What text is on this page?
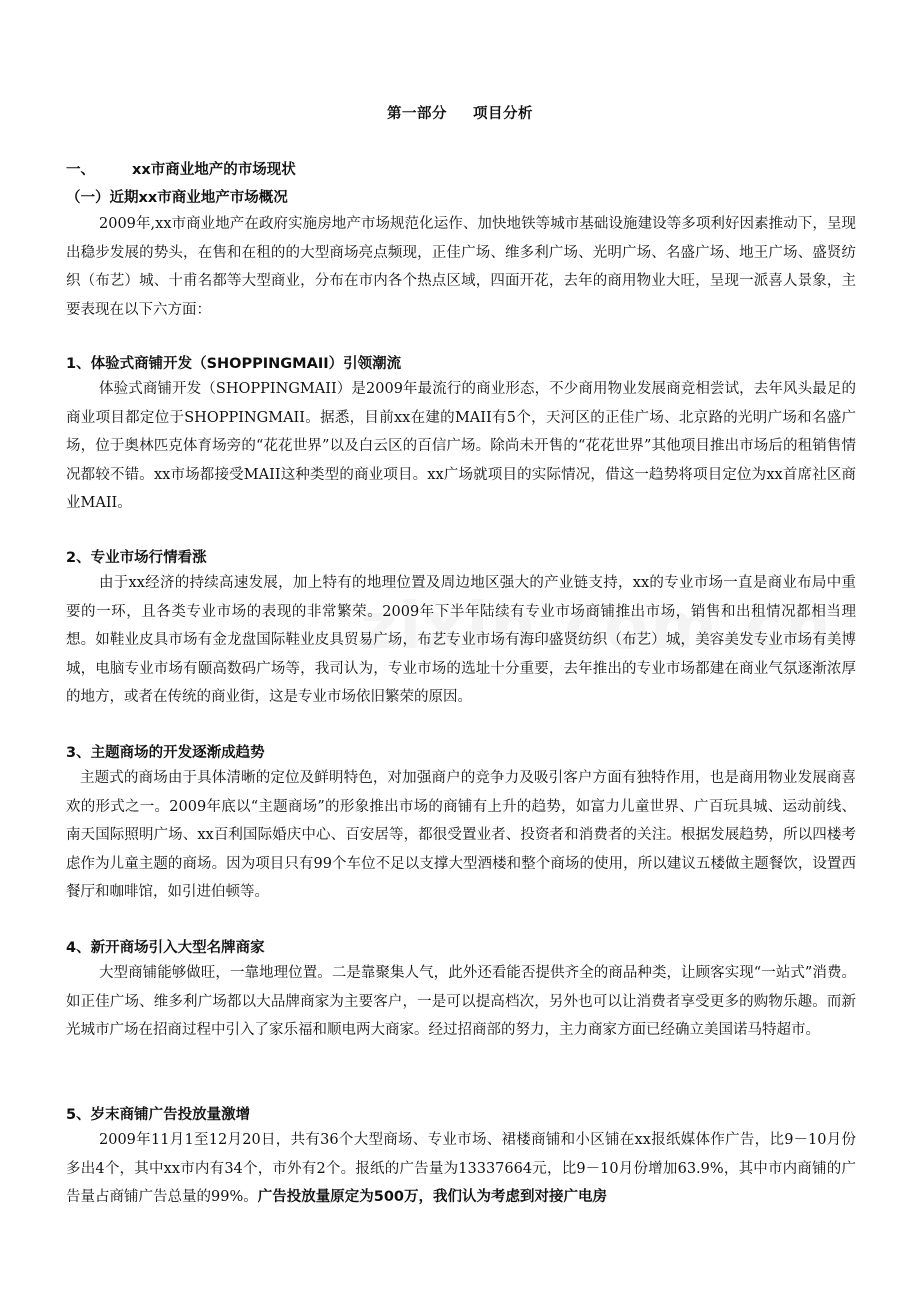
第一部分 项目分析
一、	xx市商业地产的市场现状
（一）近期xx市商业地产市场概况
2009年,xx市商业地产在政府实施房地产市场规范化运作、加快地铁等城市基础设施建设等多项利好因素推动下，呈现出稳步发展的势头，在售和在租的的大型商场亮点频现，正佳广场、维多利广场、光明广场、名盛广场、地王广场、盛贤纺织（布艺）城、十甫名都等大型商业，分布在市内各个热点区域，四面开花，去年的商用物业大旺，呈现一派喜人景象，主要表现在以下六方面：
1、体验式商铺开发（SHOPPINGMAII）引领潮流
体验式商铺开发（SHOPPINGMAII）是2009年最流行的商业形态，不少商用物业发展商竞相尝试，去年风头最足的商业项目都定位于SHOPPINGMAII。据悉，目前xx在建的MAII有5个，天河区的正佳广场、北京路的光明广场和名盛广场，位于奥林匹克体育场旁的“花花世界”以及白云区的百信广场。除尚未开售的“花花世界”其他项目推出市场后的租销售情况都较不错。xx市场都接受MAII这种类型的商业项目。xx广场就项目的实际情况，借这一趋势将项目定位为xx首席社区商业MAII。
2、专业市场行情看涨
由于xx经济的持续高速发展，加上特有的地理位置及周边地区强大的产业链支持，xx的专业市场一直是商业布局中重要的一环，且各类专业市场的表现的非常繁荣。2009年下半年陆续有专业市场商铺推出市场，销售和出租情况都相当理想。如鞋业皮具市场有金龙盘国际鞋业皮具贸易广场，布艺专业市场有海印盛贤纺织（布艺）城，美容美发专业市场有美博城，电脑专业市场有颐高数码广场等，我司认为，专业市场的选址十分重要，去年推出的专业市场都建在商业气氛逐渐浓厚的地方，或者在传统的商业街，这是专业市场依旧繁荣的原因。
3、主题商场的开发逐渐成趋势
主题式的商场由于具体清晰的定位及鲜明特色，对加强商户的竞争力及吸引客户方面有独特作用，也是商用物业发展商喜欢的形式之一。2009年底以“主题商场”的形象推出市场的商铺有上升的趋势，如富力儿童世界、广百玩具城、运动前线、南天国际照明广场、xx百利国际婚庆中心、百安居等，都很受置业者、投资者和消费者的关注。根据发展趋势，所以四楼考虑作为儿童主题的商场。因为项目只有99个车位不足以支撑大型酒楼和整个商场的使用，所以建议五楼做主题餐饮，设置西餐厅和咖啡馆，如引进伯顿等。
4、新开商场引入大型名牌商家
大型商铺能够做旺，一靠地理位置。二是靠聚集人气，此外还看能否提供齐全的商品种类，让顾客实现“一站式”消费。如正佳广场、维多利广场都以大品牌商家为主要客户，一是可以提高档次，另外也可以让消费者享受更多的购物乐趣。而新光城市广场在招商过程中引入了家乐福和顺电两大商家。经过招商部的努力，主力商家方面已经确立美国诺马特超市。
5、岁末商铺广告投放量激增
2009年11月1至12月20日，共有36个大型商场、专业市场、裙楼商铺和小区铺在xx报纸媒体作广告，比9－10月份多出4个，其中xx市内有34个，市外有2个。报纸的广告量为13337664元，比9－10月份增加63.9%，其中市内商铺的广告量占商铺广告总量的99%。广告投放量原定为500万，我们认为考虑到对接广电房
